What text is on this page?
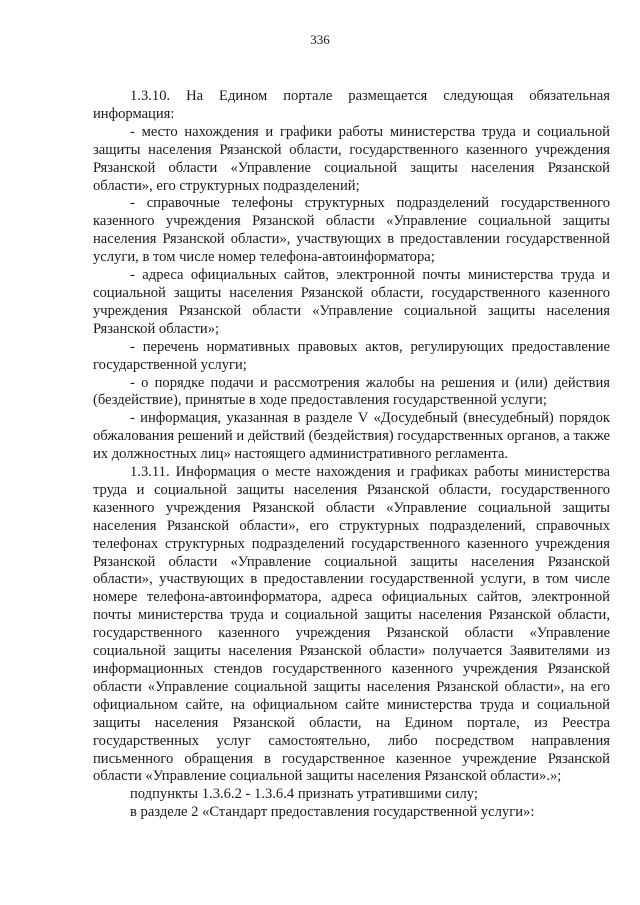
336

1.3.10. На Едином портале размещается следующая обязательная информация:

- место нахождения и графики работы министерства труда и социальной защиты населения Рязанской области, государственного казенного учреждения Рязанской области «Управление социальной защиты населения Рязанской области», его структурных подразделений;

- справочные телефоны структурных подразделений государственного казенного учреждения Рязанской области «Управление социальной защиты населения Рязанской области», участвующих в предоставлении государственной услуги, в том числе номер телефона-автоинформатора;

- адреса официальных сайтов, электронной почты министерства труда и социальной защиты населения Рязанской области, государственного казенного учреждения Рязанской области «Управление социальной защиты населения Рязанской области»;

- перечень нормативных правовых актов, регулирующих предоставление государственной услуги;

- о порядке подачи и рассмотрения жалобы на решения и (или) действия (бездействие), принятые в ходе предоставления государственной услуги;

- информация, указанная в разделе V «Досудебный (внесудебный) порядок обжалования решений и действий (бездействия) государственных органов, а также их должностных лиц» настоящего административного регламента.

1.3.11. Информация о месте нахождения и графиках работы министерства труда и социальной защиты населения Рязанской области, государственного казенного учреждения Рязанской области «Управление социальной защиты населения Рязанской области», его структурных подразделений, справочных телефонах структурных подразделений государственного казенного учреждения Рязанской области «Управление социальной защиты населения Рязанской области», участвующих в предоставлении государственной услуги, в том числе номере телефона-автоинформатора, адреса официальных сайтов, электронной почты министерства труда и социальной защиты населения Рязанской области, государственного казенного учреждения Рязанской области «Управление социальной защиты населения Рязанской области» получается Заявителями из информационных стендов государственного казенного учреждения Рязанской области «Управление социальной защиты населения Рязанской области», на его официальном сайте, на официальном сайте министерства труда и социальной защиты населения Рязанской области, на Едином портале, из Реестра государственных услуг самостоятельно, либо посредством направления письменного обращения в государственное казенное учреждение Рязанской области «Управление социальной защиты населения Рязанской области».»;

подпункты 1.3.6.2 - 1.3.6.4 признать утратившими силу;

в разделе 2 «Стандарт предоставления государственной услуги»:
